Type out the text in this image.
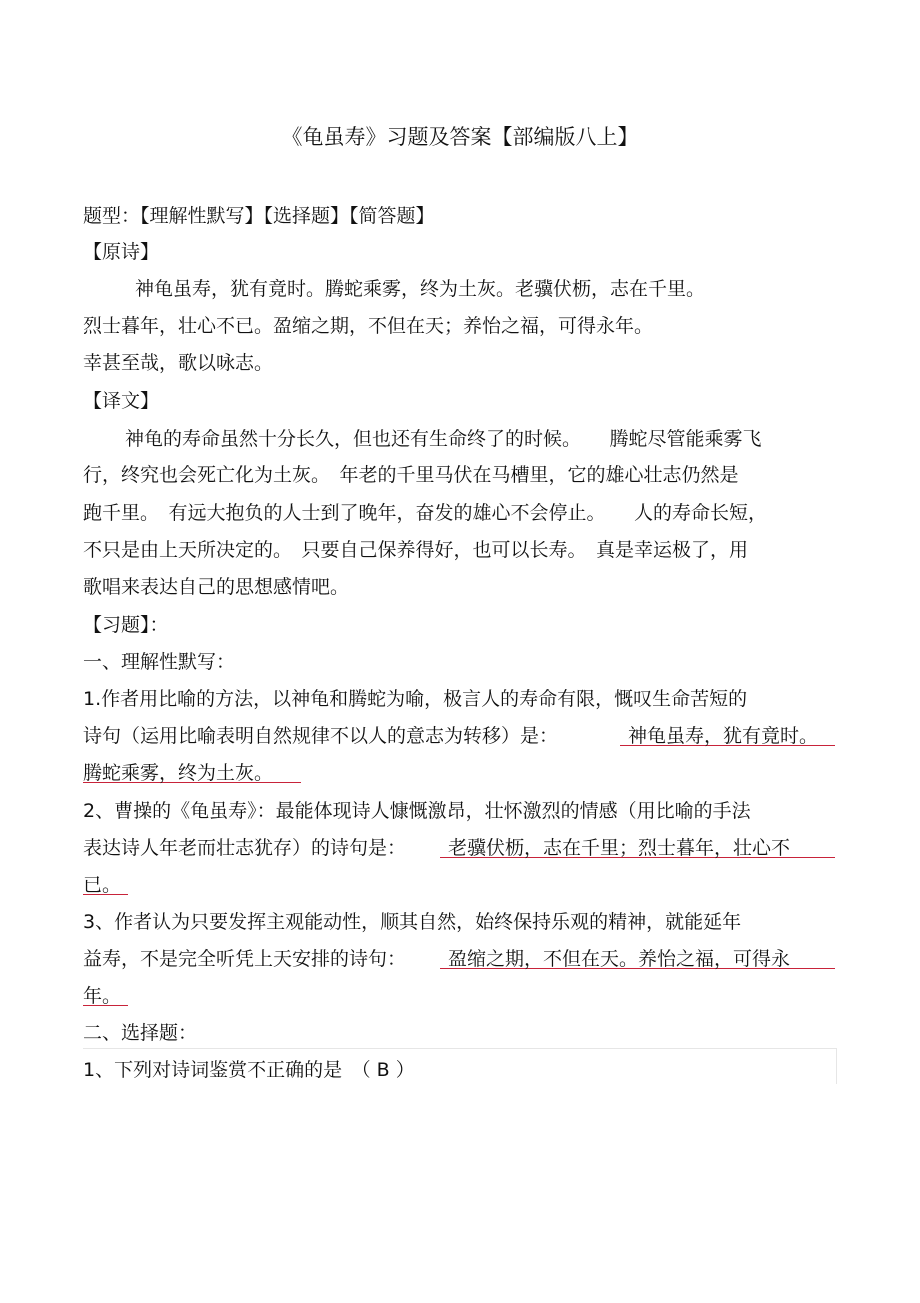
《龟虽寿》习题及答案【部编版八上】
题型：【理解性默写】【选择题】【简答题】
【原诗】
神龟虽寿，犹有竟时。腾蛇乘雾，终为土灰。老骥伏枥，志在千里。
烈士暮年，壮心不已。盈缩之期，不但在天；养怡之福，可得永年。
幸甚至哉，歌以咏志。
【译文】
神龟的寿命虽然十分长久，但也还有生命终了的时候。　　腾蛇尽管能乘雾飞
行，终究也会死亡化为土灰。　年老的千里马伏在马槽里，它的雄心壮志仍然是
跑千里。　有远大抱负的人士到了晚年，奋发的雄心不会停止。　　人的寿命长短，
不只是由上天所决定的。　只要自己保养得好，也可以长寿。　真是幸运极了，用
歌唱来表达自己的思想感情吧。
【习题】：
一、理解性默写：
1.作者用比喻的方法，以神龟和腾蛇为喻，极言人的寿命有限，慨叹生命苦短的
诗句（运用比喻表明自然规律不以人的意志为转移）是：	神龟虽寿，犹有竟时。
腾蛇乘雾，终为土灰。
2、曹操的《龟虽寿》：最能体现诗人慷慨激昂，壮怀激烈的情感（用比喻的手法
表达诗人年老而壮志犹存）的诗句是： 老骥伏枥，志在千里；烈士暮年，壮心不
已。
3、作者认为只要发挥主观能动性，顺其自然，始终保持乐观的精神，就能延年
益寿，不是完全听凭上天安排的诗句： 盈缩之期，不但在天。养怡之福，可得永
年。
二、选择题：
1、下列对诗词鉴赏不正确的是　（ B ）
